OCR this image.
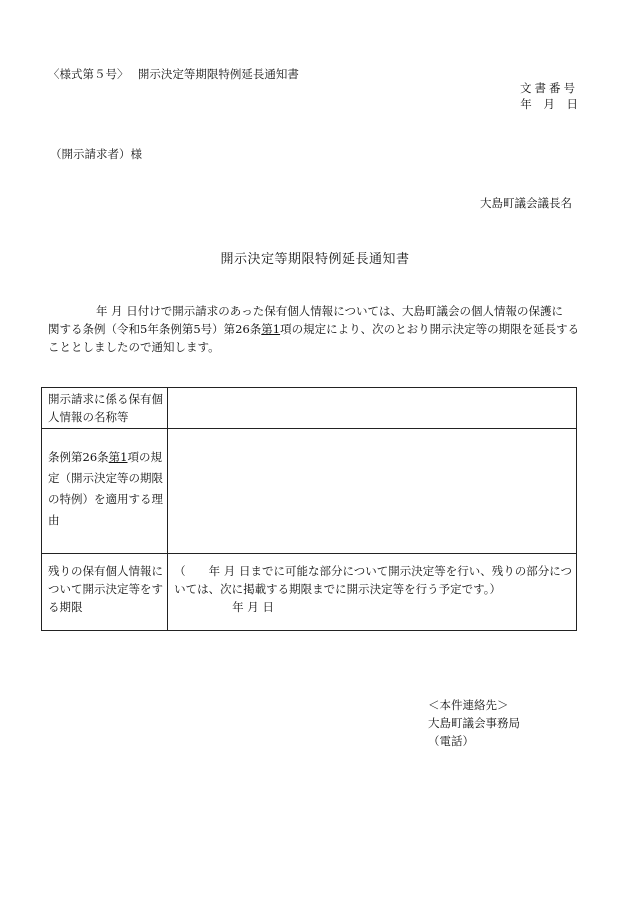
〈様式第５号〉　 開示決定等期限特例延長通知書
文書番号
年 月 日
（開示請求者）様
大島町議会議長名
開示決定等期限特例延長通知書
年 月 日付けで開示請求のあった保有個人情報については、大島町議会の個人情報の保護に
関する条例（令和5年条例第5号）第26条第1項の規定により、次のとおり開示決定等の期限を延長する
こととしましたので通知します。
開示請求に係る保有個人情報の名称等	
条例第26条第1項の規定（開示決定等の期限の特例）を適用する理由	
残りの保有個人情報について開示決定等をする期限	（　　年 月 日までに可能な部分について開示決定等を行い、残りの部分につ
いては、次に掲載する期限までに開示決定等を行う予定です。）
年 月 日
＜本件連絡先＞
大島町議会事務局
（電話）
